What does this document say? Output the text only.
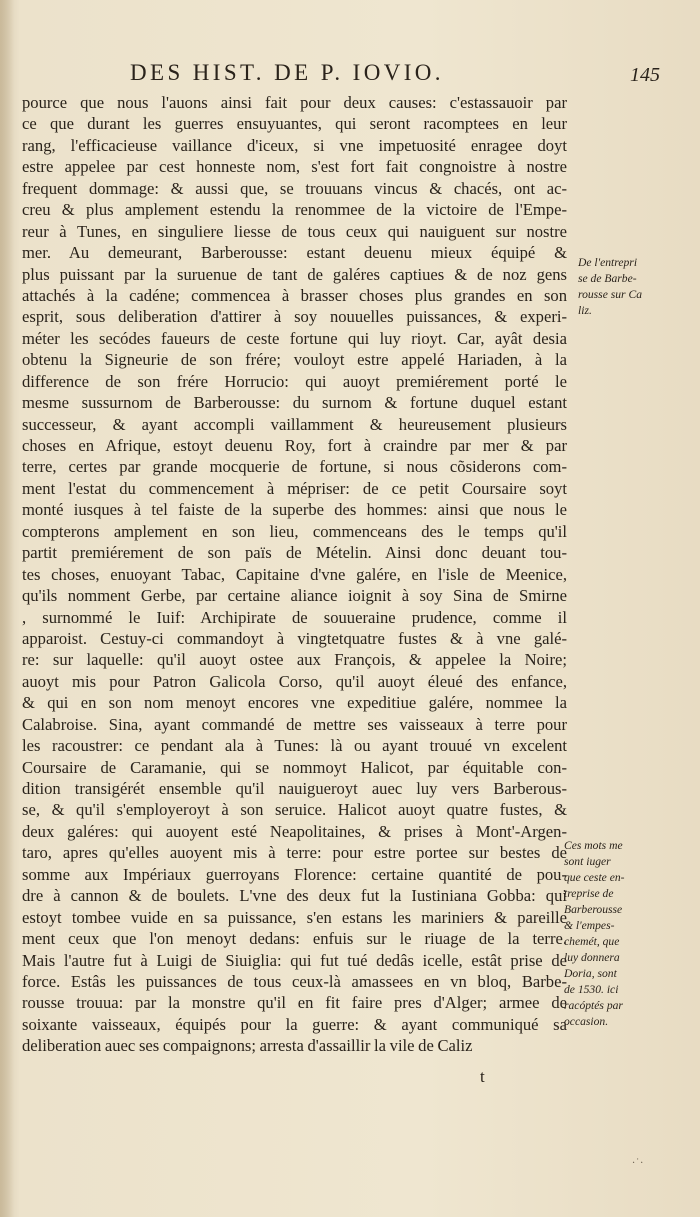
DES HIST. DE P. IOVIO.	145
pource que nous l'auons ainsi fait pour deux causes: c'estassauoir par
ce que durant les guerres ensuyuantes, qui seront racomptees en leur
rang, l'efficacieuse vaillance d'iceux, si vne impetuosité enragee doyt
estre appelee par cest honneste nom, s'est fort fait congnoistre à nostre
frequent dommage: & aussi que, se trouuans vincus & chacés, ont ac-
creu & plus amplement estendu la renommee de la victoire de l'Empe-
reur à Tunes, en singuliere liesse de tous ceux qui nauiguent sur nostre
mer. Au demeurant, Barberousse: estant deuenu mieux équipé &
plus puissant par la suruenue de tant de galéres captiues & de noz gens
attachés à la cadéne; commencea à brasser choses plus grandes en son
esprit, sous deliberation d'attirer à soy nouuelles puissances, & experi-
méter les secódes faueurs de ceste fortune qui luy rioyt. Car, ayât desia
obtenu la Signeurie de son frére; vouloyt estre appelé Hariaden, à la
difference de son frére Horrucio: qui auoyt premiérement porté le
mesme sussurnom de Barberousse: du surnom & fortune duquel estant
successeur, & ayant accompli vaillamment & heureusement plusieurs
choses en Afrique, estoyt deuenu Roy, fort à craindre par mer & par
terre, certes par grande mocquerie de fortune, si nous cõsiderons com-
ment l'estat du commencement à mépriser: de ce petit Coursaire soyt
monté iusques à tel faiste de la superbe des hommes: ainsi que nous le
compterons amplement en son lieu, commenceans des le temps qu'il
partit premiérement de son païs de Mételin. Ainsi donc deuant tou-
tes choses, enuoyant Tabac, Capitaine d'vne galére, en l'isle de Meenice,
qu'ils nomment Gerbe, par certaine aliance ioignit à soy Sina de Smirne
, surnommé le Iuif: Archipirate de souueraine prudence, comme il
apparoist. Cestuy-ci commandoyt à vingtetquatre fustes & à vne galé-
re: sur laquelle: qu'il auoyt ostee aux François, & appelee la Noire;
auoyt mis pour Patron Galicola Corso, qu'il auoyt éleué des enfance,
& qui en son nom menoyt encores vne expeditiue galére, nommee la
Calabroise. Sina, ayant commandé de mettre ses vaisseaux à terre pour
les racoustrer: ce pendant ala à Tunes: là ou ayant trouué vn excelent
Coursaire de Caramanie, qui se nommoyt Halicot, par équitable con-
dition transigérét ensemble qu'il nauigueroyt auec luy vers Barberous-
se, & qu'il s'employeroyt à son seruice. Halicot auoyt quatre fustes, &
deux galéres: qui auoyent esté Neapolitaines, & prises à Mont'-Argen-
taro, apres qu'elles auoyent mis à terre: pour estre portee sur bestes de
somme aux Impériaux guerroyans Florence: certaine quantité de pou-
dre à cannon & de boulets. L'vne des deux fut la Iustiniana Gobba: qui
estoyt tombee vuide en sa puissance, s'en estans les mariniers & pareille
ment ceux que l'on menoyt dedans: enfuis sur le riuage de la terre.
Mais l'autre fut à Luigi de Siuiglia: qui fut tué dedâs icelle, estât prise de
force. Estâs les puissances de tous ceux-là amassees en vn bloq, Barbe-
rousse trouua: par la monstre qu'il en fit faire pres d'Alger; armee de
soixante vaisseaux, équipés pour la guerre: & ayant communiqué sa
deliberation auec ses compaignons; arresta d'assaillir la vile de Caliz
De l'entrepri
se de Barbe-
rousse sur Ca
liz.
Ces mots me
sont iuger
que ceste en-
treprise de
Barberousse
& l'empes-
chemét, que
luy donnera
Doria, sont
de 1530. ici
racóptés par
occasion.
t
·˙·
